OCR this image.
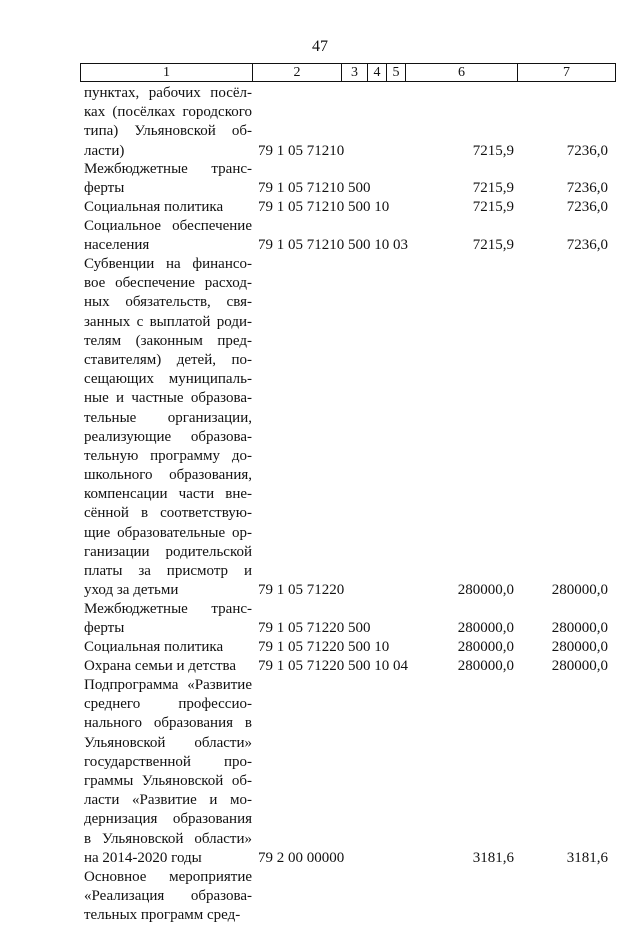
47
1	2	3	4 5	6	7
пунктах, рабочих посёл-
ках (посёлках городского
типа) Ульяновской об-
ласти)	79 1 05 71210	7215,9	7236,0
Межбюджетные транс-
ферты	79 1 05 71210 500	7215,9	7236,0
Социальная политика	79 1 05 71210 500 10	7215,9	7236,0
Социальное обеспечение
населения	79 1 05 71210 500 10 03	7215,9	7236,0
Субвенции на финансо-
вое обеспечение расход-
ных обязательств, свя-
занных с выплатой роди-
телям (законным пред-
ставителям) детей, по-
сещающих муниципаль-
ные и частные образова-
тельные организации,
реализующие образова-
тельную программу до-
школьного образования,
компенсации части вне-
сённой в соответствую-
щие образовательные ор-
ганизации родительской
платы за присмотр и
уход за детьми	79 1 05 71220	280000,0	280000,0
Межбюджетные транс-
ферты	79 1 05 71220 500	280000,0	280000,0
Социальная политика	79 1 05 71220 500 10	280000,0	280000,0
Охрана семьи и детства	79 1 05 71220 500 10 04	280000,0	280000,0
Подпрограмма «Развитие
среднего профессио-
нального образования в
Ульяновской области»
государственной про-
граммы Ульяновской об-
ласти «Развитие и мо-
дернизация образования
в Ульяновской области»
на 2014-2020 годы	79 2 00 00000	3181,6	3181,6
Основное мероприятие
«Реализация образова-
тельных программ сред-
